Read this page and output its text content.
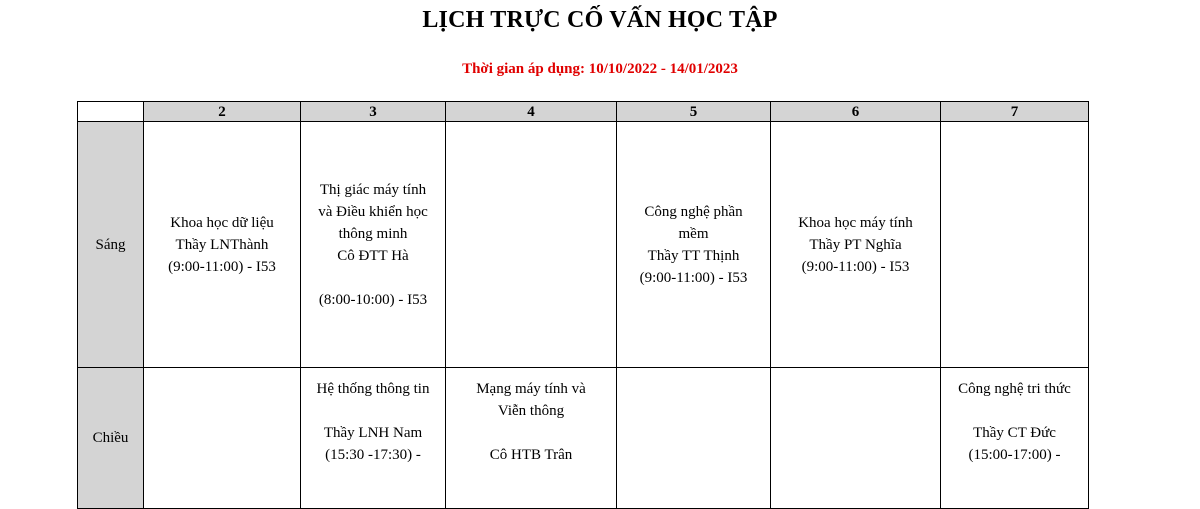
LỊCH TRỰC CỐ VẤN HỌC TẬP
Thời gian áp dụng: 10/10/2022 - 14/01/2023
	2	3	4	5	6	7

Sáng	Khoa học dữ liệu
Thầy LNThành
(9:00-11:00) - I53	Thị giác máy tính
và Điều khiển học
thông minh
Cô ĐTT Hà

(8:00-10:00) - I53		Công nghệ phần
mềm
Thầy TT Thịnh
(9:00-11:00) - I53	Khoa học máy tính
Thầy PT Nghĩa
(9:00-11:00) - I53	

Chiều		Hệ thống thông tin

Thầy LNH Nam
(15:30 -17:30) -	Mạng máy tính và
Viễn thông

Cô HTB Trân			Công nghệ tri thức

Thầy CT Đức
(15:00-17:00) -
